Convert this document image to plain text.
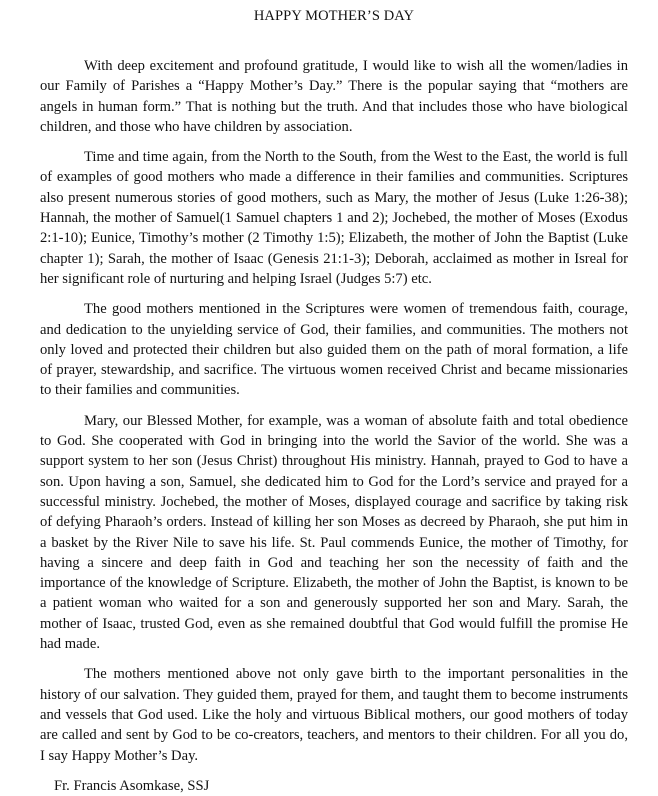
HAPPY MOTHER’S DAY

With deep excitement and profound gratitude, I would like to wish all the women/ladies in our Family of Parishes a “Happy Mother’s Day.” There is the popular saying that “mothers are angels in human form.” That is nothing but the truth. And that includes those who have biological children, and those who have children by association.

Time and time again, from the North to the South, from the West to the East, the world is full of examples of good mothers who made a difference in their families and communities. Scriptures also present numerous stories of good mothers, such as Mary, the mother of Jesus (Luke 1:26-38); Hannah, the mother of Samuel(1 Samuel chapters 1 and 2); Jochebed, the mother of Moses (Exodus 2:1-10); Eunice, Timothy’s mother (2 Timothy 1:5); Elizabeth, the mother of John the Baptist (Luke chapter 1); Sarah, the mother of Isaac (Genesis 21:1-3); Deborah, acclaimed as mother in Isreal for her significant role of nurturing and helping Israel (Judges 5:7) etc.

The good mothers mentioned in the Scriptures were women of tremendous faith, courage, and dedication to the unyielding service of God, their families, and communities. The mothers not only loved and protected their children but also guided them on the path of moral formation, a life of prayer, stewardship, and sacrifice. The virtuous women received Christ and became missionaries to their families and communities.

Mary, our Blessed Mother, for example, was a woman of absolute faith and total obedience to God. She cooperated with God in bringing into the world the Savior of the world. She was a support system to her son (Jesus Christ) throughout His ministry. Hannah, prayed to God to have a son. Upon having a son, Samuel, she dedicated him to God for the Lord’s service and prayed for a successful ministry. Jochebed, the mother of Moses, displayed courage and sacrifice by taking risk of defying Pharaoh’s orders. Instead of killing her son Moses as decreed by Pharaoh, she put him in a basket by the River Nile to save his life. St. Paul commends Eunice, the mother of Timothy, for having a sincere and deep faith in God and teaching her son the necessity of faith and the importance of the knowledge of Scripture. Elizabeth, the mother of John the Baptist, is known to be a patient woman who waited for a son and generously supported her son and Mary. Sarah, the mother of Isaac, trusted God, even as she remained doubtful that God would fulfill the promise He had made.

The mothers mentioned above not only gave birth to the important personalities in the history of our salvation. They guided them, prayed for them, and taught them to become instruments and vessels that God used. Like the holy and virtuous Biblical mothers, our good mothers of today are called and sent by God to be co-creators, teachers, and mentors to their children. For all you do, I say Happy Mother’s Day.

Fr. Francis Asomkase, SSJ
